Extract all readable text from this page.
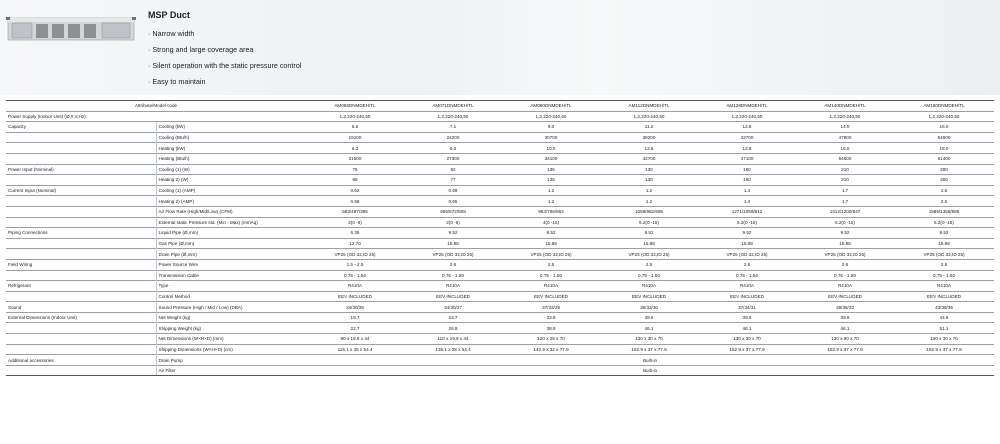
MSP Duct
· Narrow width
· Strong and large coverage area
· Silent operation with the static pressure control
· Easy to maintain
Attribute/Model code		AM056DNMDEH/TL	AM071DNMDEH/TL	AM090DNMDEH/TL	AM112DNMDEH/TL	AM128DNMDEH/TL	AM140DNMDEH/TL	AM160DNMDEH/TL
Power Supply (Indoor Unit) (Ø,#,V,Hz)		1,2,220-240,50	1,2,220-240,50	1,2,220-240,50	1,2,220-240,50	1,2,220-240,50	1,2,220-240,50	1,2,220-240,50
Capacity	Cooling (kW)	5.6	7.1	9.0	11.2	12.8	14.0	16.0
	Cooling (Btu/h)	19100	24200	30700	38200	43700	47800	54600
	Heating (kW)	6.3	8.0	10.0	12.5	13.8	16.0	18.0
	Heating (Btu/h)	21500	27300	34100	42700	47100	54600	61400
Power Input (Nominal)	Cooling (1) (W)	75	82	135	130	160	210	300
	Heating 2) (W)	68	77	135	130	160	210	300
Current Input (Nominal)	Cooling (1) (AMP)	0.62	0.69	1.2	1.2	1.4	1.7	2.5
	Heating 2) (AMP)	0.58	0.65	1.2	1.2	1.4	1.7	2.5
	Air Flow Rate (High/Mid/Low) (CFM)	583/487/395	655/572/508	953/786/664	1059/882/695	1271/1059/812	1412/1200/847	1589/1356/885
	External static Pressure std. (Min - Max) (mmAq)	2(0 -6)	2(0 -6)	4(0 -15)	5.2(0 -15)	5.2(0 -15)	5.2(0 -15)	5.2(0 -15)
Piping Connections	Liquid Pipe (Ø,mm)	6.35	9.52	9.52	9.52	9.52	9.52	9.52
	Gas Pipe (Ø,mm)	12.70	15.88	15.88	15.88	15.88	15.88	15.88
	Drain Pipe (Ø,mm)	VP25 (OD 32,ID 25)	VP25 (OD 32,ID 25)	VP25 (OD 32,ID 25)	VP25 (OD 32,ID 25)	VP25 (OD 32,ID 25)	VP25 (OD 32,ID 25)	VP25 (OD 32,ID 25)
Field Wiring	Power Source Wire	1.5 - 2.5	2.5	2.5	2.5	2.5	2.5	2.5
	Transmission Cable	0.75 - 1.50	0.75 - 1.50	0.75 - 1.50	0.75 - 1.50	0.75 - 1.50	0.75 - 1.50	0.75 - 1.50
Refrigerant	Type	R410A	R410A	R410A	R410A	R410A	R410A	R410A
	Control Method	EEV INCLUDED	EEV INCLUDED	EEV INCLUDED	EEV INCLUDED	EEV INCLUDED	EEV INCLUDED	EEV INCLUDED
Sound	Sound Pressure (High / Mid / Low) (DBA)	34/30/26	34/30/27	37/33/29	36/33/30	37/34/31	39/36/33	43/39/35
External Dimensions (Indoor Unit)	Net Weight (kg)	19.7	23.7	33.8	39.5	39.6	39.6	44.6
	Shipping Weight (kg)	22.7	26.8	38.9	46.1	46.1	46.1	51.1
	Net Dimensions (W×H×D) (mm)	90 x 19.9 x 44	110 x 19.9 x 44	120 x 25 x 70	130 x 30 x 70	130 x 30 x 70	130 x 30 x 70	130 x 30 x 70
	Shipping Dimensions (W×H×D) (cm)	115.1 x 28 x 54.4	135.1 x 28 x 54.4	142.9 x 32 x 77.9	152.9 x 37 x 77.9	152.9 x 37 x 77.9	152.9 x 37 x 77.9	152.9 x 37 x 77.9
Additional accessories	Drain Pump	Built-in						
	Air Filter	Built-in						
